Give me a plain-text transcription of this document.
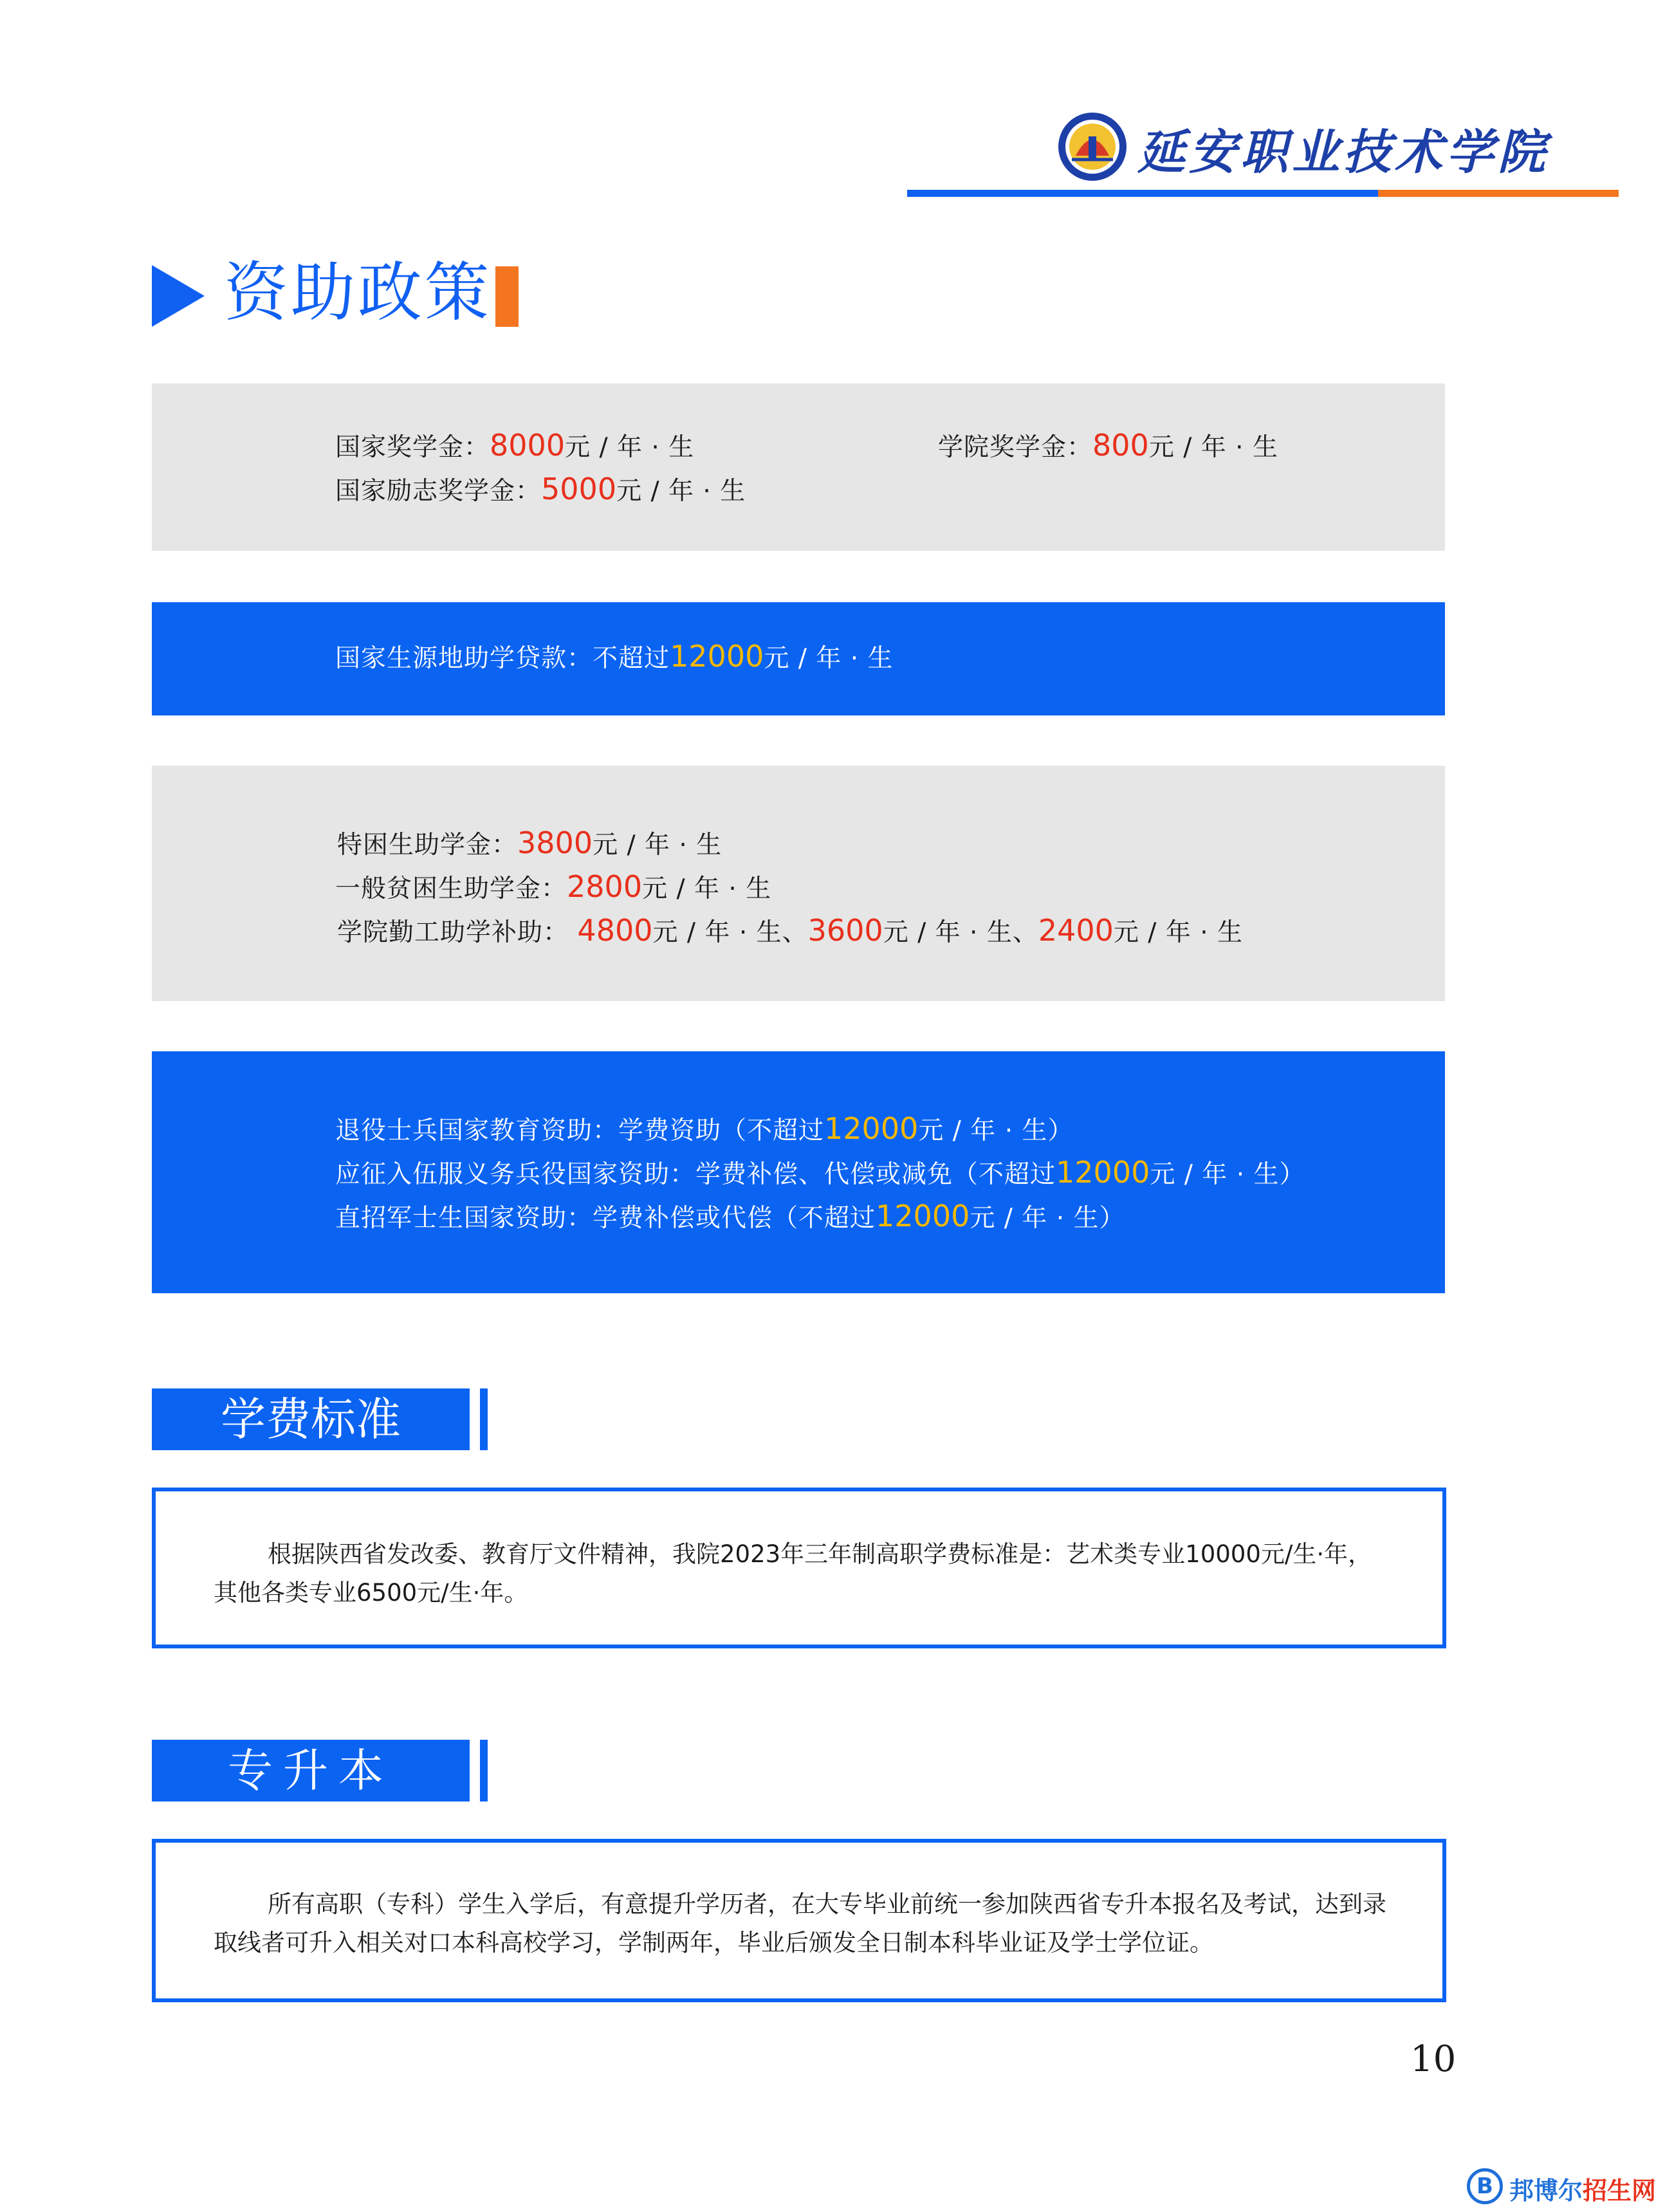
延安职业技术学院
资助政策
国家奖学金：8000元 / 年 · 生	学院奖学金：800元 / 年 · 生
国家励志奖学金：5000元 / 年 · 生
国家生源地助学贷款：不超过12000元 / 年 · 生
特困生助学金：3800元 / 年 · 生
一般贫困生助学金：2800元 / 年 · 生
学院勤工助学补助： 4800元 / 年 · 生、3600元 / 年 · 生、2400元 / 年 · 生
退役士兵国家教育资助：学费资助（不超过12000元 / 年 · 生）
应征入伍服义务兵役国家资助：学费补偿、代偿或减免（不超过12000元 / 年 · 生）
直招军士生国家资助：学费补偿或代偿（不超过12000元 / 年 · 生）
学费标准
根据陕西省发改委、教育厅文件精神，我院2023年三年制高职学费标准是：艺术类专业10000元/生·年，其他各类专业6500元/生·年。
专升本
所有高职（专科）学生入学后，有意提升学历者，在大专毕业前统一参加陕西省专升本报名及考试，达到录取线者可升入相关对口本科高校学习，学制两年，毕业后颁发全日制本科毕业证及学士学位证。
10
B 邦博尔招生网
